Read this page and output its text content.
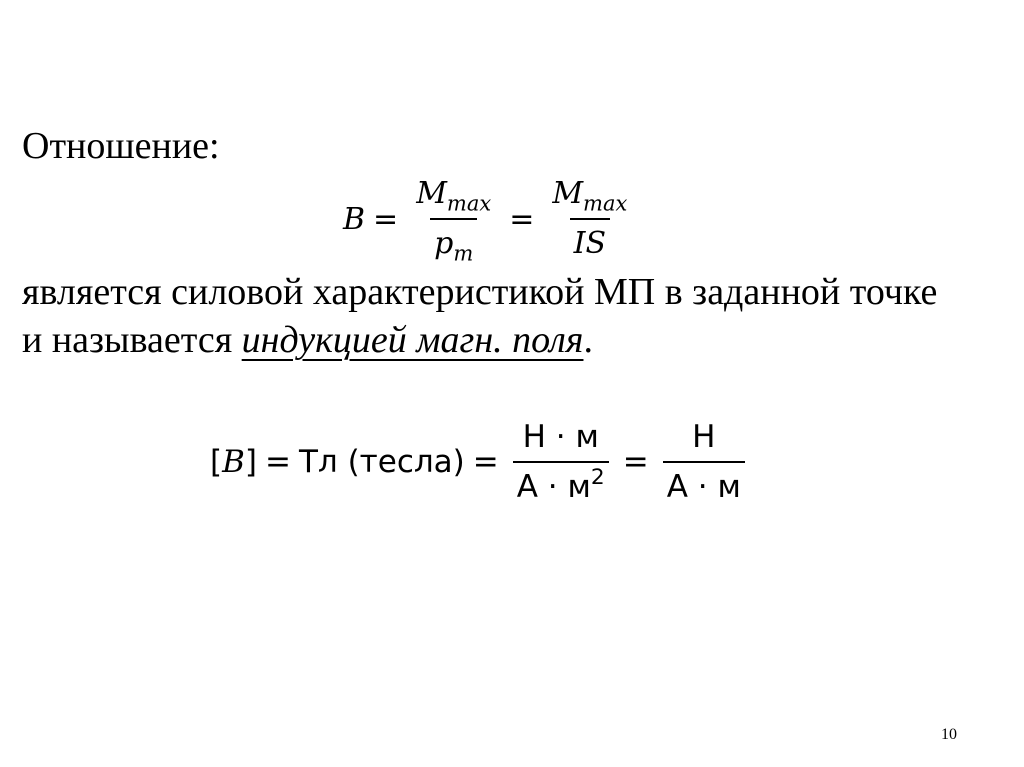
Отношение:
$B = \frac{M_{max}}{p_m} = \frac{M_{max}}{IS}$

является силовой характеристикой МП в заданной точке

и называется индукцией магн. поля.

[ B ] = Тл (тесла) = $\frac{Н \cdot м}{А \cdot м^2} = \frac{Н}{А \cdot м}$
10
